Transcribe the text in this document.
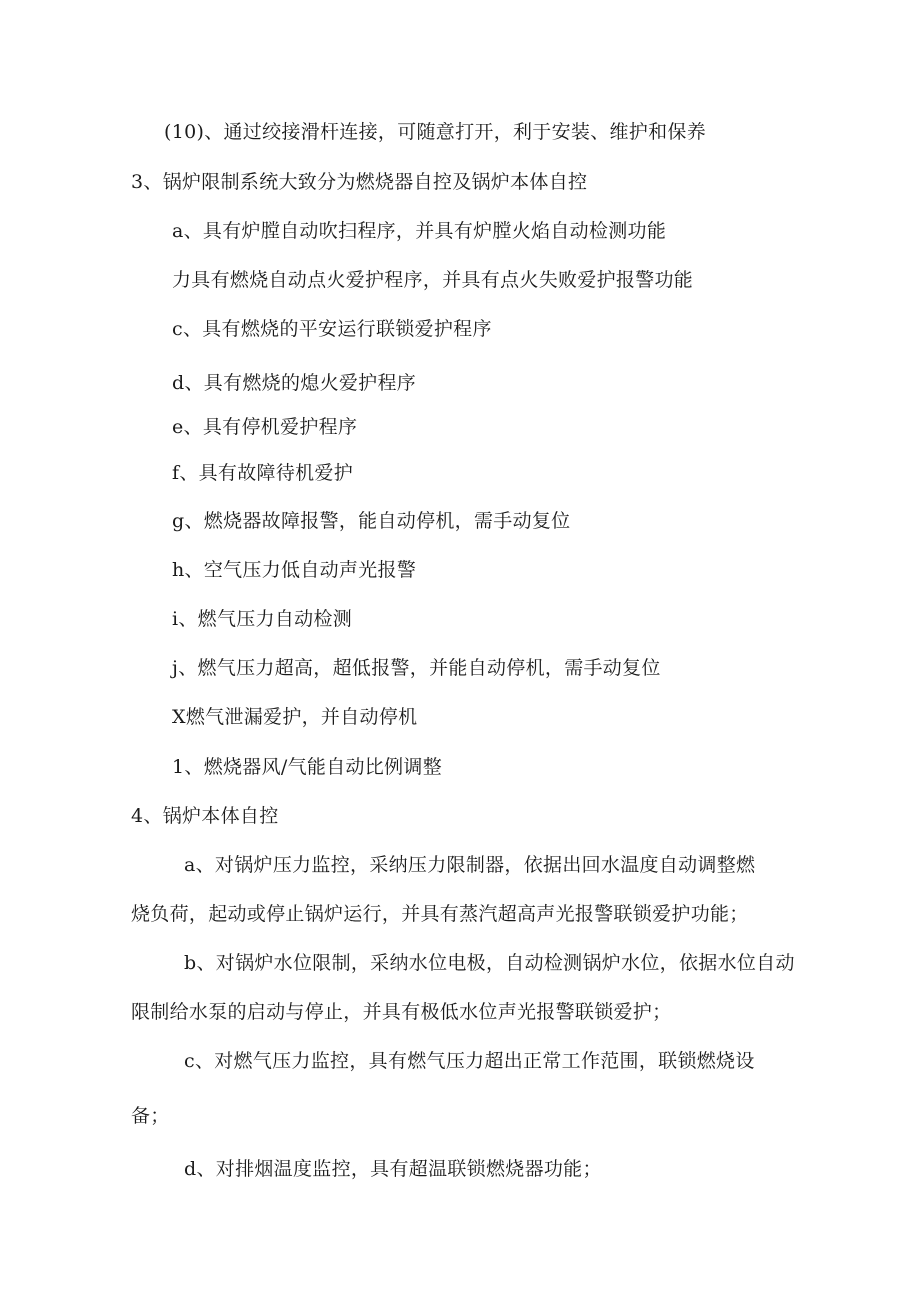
(10)、通过绞接滑杆连接，可随意打开，利于安装、维护和保养
3、锅炉限制系统大致分为燃烧器自控及锅炉本体自控
a、具有炉膛自动吹扫程序，并具有炉膛火焰自动检测功能
力具有燃烧自动点火爱护程序，并具有点火失败爱护报警功能
c、具有燃烧的平安运行联锁爱护程序
d、具有燃烧的熄火爱护程序
e、具有停机爱护程序
f、具有故障待机爱护
g、燃烧器故障报警，能自动停机，需手动复位
h、空气压力低自动声光报警
i、燃气压力自动检测
j、燃气压力超高，超低报警，并能自动停机，需手动复位
X燃气泄漏爱护，并自动停机
1、燃烧器风/气能自动比例调整
4、锅炉本体自控
a、对锅炉压力监控，采纳压力限制器，依据出回水温度自动调整燃
烧负荷，起动或停止锅炉运行，并具有蒸汽超高声光报警联锁爱护功能；
b、对锅炉水位限制，采纳水位电极，自动检测锅炉水位，依据水位自动
限制给水泵的启动与停止，并具有极低水位声光报警联锁爱护；
c、对燃气压力监控，具有燃气压力超出正常工作范围，联锁燃烧设
备；
d、对排烟温度监控，具有超温联锁燃烧器功能；
